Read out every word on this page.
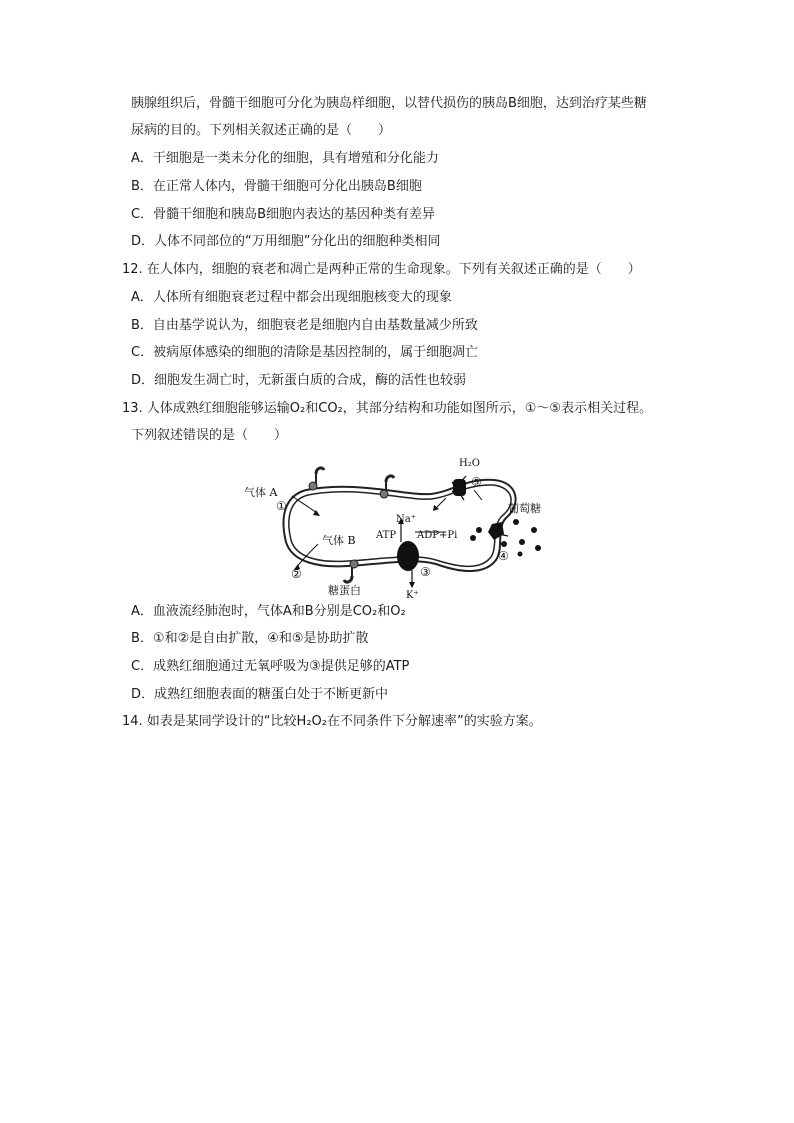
胰腺组织后，骨髓干细胞可分化为胰岛样细胞，以替代损伤的胰岛B细胞，达到治疗某些糖
尿病的目的。下列相关叙述正确的是（　　）
A．干细胞是一类未分化的细胞，具有增殖和分化能力
B．在正常人体内，骨髓干细胞可分化出胰岛B细胞
C．骨髓干细胞和胰岛B细胞内表达的基因种类有差异
D．人体不同部位的“万用细胞”分化出的细胞种类相同
12. 在人体内，细胞的衰老和凋亡是两种正常的生命现象。下列有关叙述正确的是（　　）
A．人体所有细胞衰老过程中都会出现细胞核变大的现象
B．自由基学说认为，细胞衰老是细胞内自由基数量减少所致
C．被病原体感染的细胞的清除是基因控制的，属于细胞凋亡
D．细胞发生凋亡时，无新蛋白质的合成，酶的活性也较弱
13. 人体成熟红细胞能够运输O₂和CO₂，其部分结构和功能如图所示，①～⑤表示相关过程。
下列叙述错误的是（　　）
气体 A
①
气体 B
②
糖蛋白
Na⁺
ATP ADP+Pi
③
K⁺
H₂O
⑤
葡萄糖
④
A．血液流经肺泡时，气体A和B分别是CO₂和O₂
B．①和②是自由扩散，④和⑤是协助扩散
C．成熟红细胞通过无氧呼吸为③提供足够的ATP
D．成熟红细胞表面的糖蛋白处于不断更新中
14. 如表是某同学设计的“比较H₂O₂在不同条件下分解速率”的实验方案。
